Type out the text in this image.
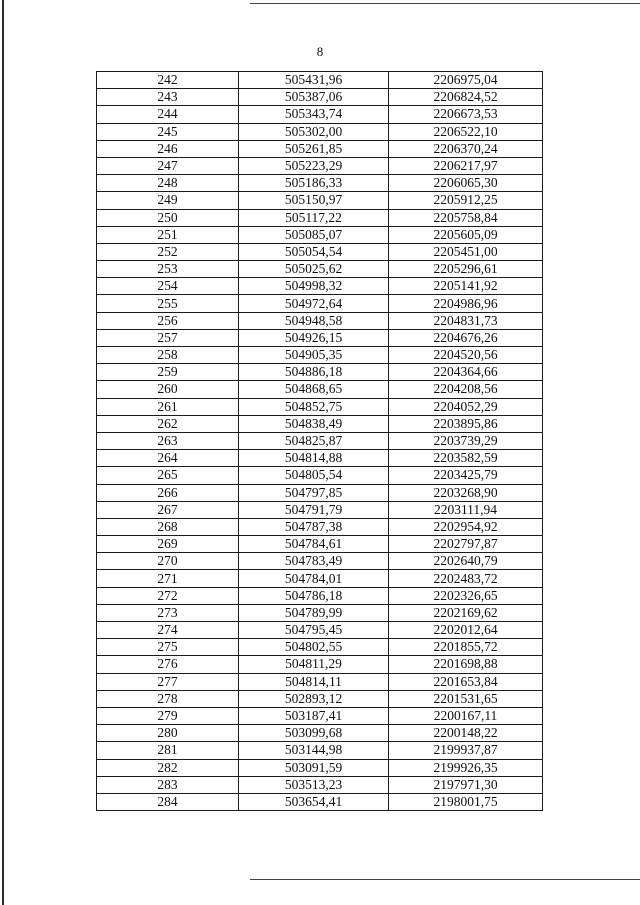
8
242	505431,96	2206975,04
243	505387,06	2206824,52
244	505343,74	2206673,53
245	505302,00	2206522,10
246	505261,85	2206370,24
247	505223,29	2206217,97
248	505186,33	2206065,30
249	505150,97	2205912,25
250	505117,22	2205758,84
251	505085,07	2205605,09
252	505054,54	2205451,00
253	505025,62	2205296,61
254	504998,32	2205141,92
255	504972,64	2204986,96
256	504948,58	2204831,73
257	504926,15	2204676,26
258	504905,35	2204520,56
259	504886,18	2204364,66
260	504868,65	2204208,56
261	504852,75	2204052,29
262	504838,49	2203895,86
263	504825,87	2203739,29
264	504814,88	2203582,59
265	504805,54	2203425,79
266	504797,85	2203268,90
267	504791,79	2203111,94
268	504787,38	2202954,92
269	504784,61	2202797,87
270	504783,49	2202640,79
271	504784,01	2202483,72
272	504786,18	2202326,65
273	504789,99	2202169,62
274	504795,45	2202012,64
275	504802,55	2201855,72
276	504811,29	2201698,88
277	504814,11	2201653,84
278	502893,12	2201531,65
279	503187,41	2200167,11
280	503099,68	2200148,22
281	503144,98	2199937,87
282	503091,59	2199926,35
283	503513,23	2197971,30
284	503654,41	2198001,75
